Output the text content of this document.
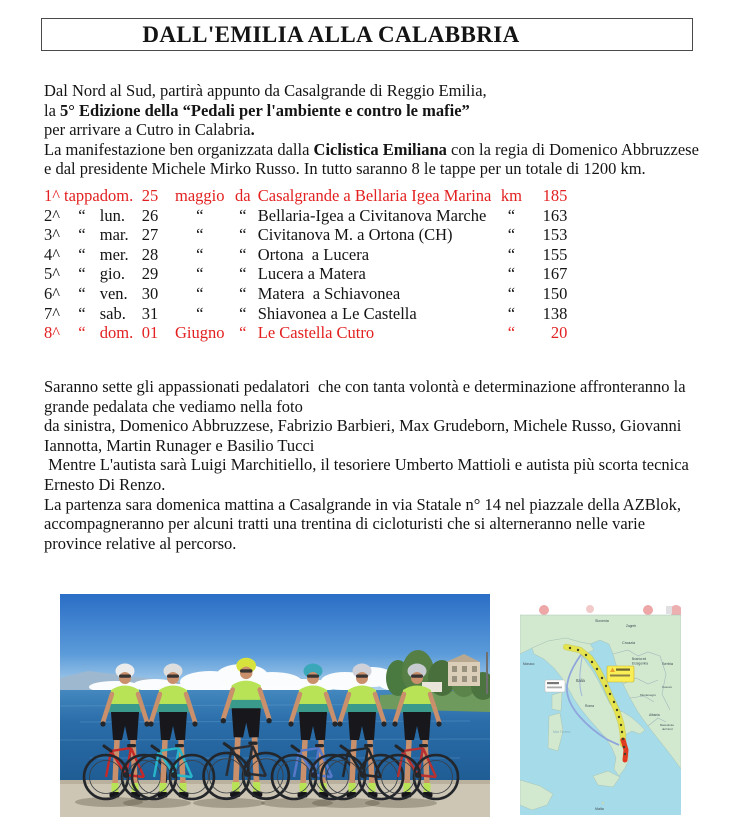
DALL'EMILIA ALLA CALABBRIA
Dal Nord al Sud, partirà appunto da Casalgrande di Reggio Emilia,
la 5° Edizione della “Pedali per l'ambiente e contro le mafie”
per arrivare a Cutro in Calabria.
La manifestazione ben organizzata dalla Ciclistica Emiliana con la regia di Domenico Abbruzzese
e dal presidente Michele Mirko Russo. In tutto saranno 8 le tappe per un totale di 1200 km.
1^	tappa	dom.	25	maggio	da	Casalgrande a Bellaria Igea Marina	km	185
2^	“	lun.	26	“	“	Bellaria-Igea a Civitanova Marche	“	163
3^	“	mar.	27	“	“	Civitanova M. a Ortona (CH)	“	153
4^	“	mer.	28	“	“	Ortona  a Lucera	“	155
5^	“	gio.	29	“	“	Lucera a Matera	“	167
6^	“	ven.	30	“	“	Matera  a Schiavonea	“	150
7^	“	sab.	31	“	“	Shiavonea a Le Castella	“	138
8^	“	dom.	01	Giugno	“	Le Castella Cutro	“	20
Saranno sette gli appassionati pedalatori  che con tanta volontà e determinazione affronteranno la
grande pedalata che vediamo nella foto
da sinistra, Domenico Abbruzzese, Fabrizio Barbieri, Max Grudeborn, Michele Russo, Giovanni
Iannotta, Martin Runager e Basilio Tucci
Mentre L'autista sarà Luigi Marchitiello, il tesoriere Umberto Mattioli e autista più scorta tecnica
Ernesto Di Renzo.
La partenza sara domenica mattina a Casalgrande in via Statale n° 14 nel piazzale della AZBlok,
accompagneranno per alcuni tratti una trentina di cicloturisti che si alterneranno nelle varie
province relative al percorso.
Monaco
Slovenia
Zagreb
Croazia
Bosnia ed
Erzegovina	Serbia
Montenegro
Kosovo
Albania
Macedonia
del Nord
Italia
Roma
Mar Tirreno
Malta
